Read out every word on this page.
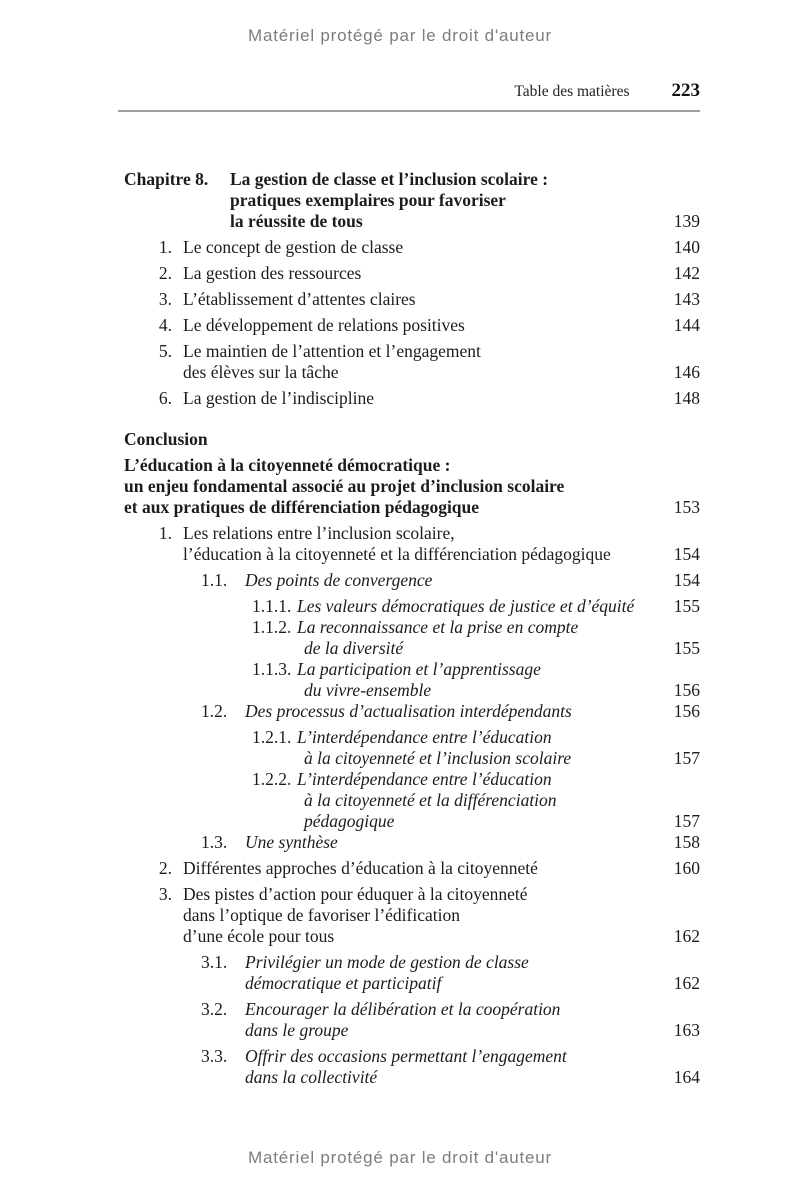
Matériel protégé par le droit d'auteur
Table des matières 223
Chapitre 8. La gestion de classe et l’inclusion scolaire :
pratiques exemplaires pour favoriser
la réussite de tous	139
1. Le concept de gestion de classe	140
2. La gestion des ressources	142
3. L’établissement d’attentes claires	143
4. Le développement de relations positives	144
5. Le maintien de l’attention et l’engagement
des élèves sur la tâche	146
6. La gestion de l’indiscipline	148
Conclusion
L’éducation à la citoyenneté démocratique :
un enjeu fondamental associé au projet d’inclusion scolaire
et aux pratiques de différenciation pédagogique	153
1. Les relations entre l’inclusion scolaire,
l’éducation à la citoyenneté et la différenciation pédagogique	154
1.1. Des points de convergence	154
1.1.1. Les valeurs démocratiques de justice et d’équité	155
1.1.2. La reconnaissance et la prise en compte
de la diversité	155
1.1.3. La participation et l’apprentissage
du vivre-ensemble	156
1.2. Des processus d’actualisation interdépendants	156
1.2.1. L’interdépendance entre l’éducation
à la citoyenneté et l’inclusion scolaire	157
1.2.2. L’interdépendance entre l’éducation
à la citoyenneté et la différenciation
pédagogique	157
1.3. Une synthèse	158
2. Différentes approches d’éducation à la citoyenneté	160
3. Des pistes d’action pour éduquer à la citoyenneté
dans l’optique de favoriser l’édification
d’une école pour tous	162
3.1. Privilégier un mode de gestion de classe
démocratique et participatif	162
3.2. Encourager la délibération et la coopération
dans le groupe	163
3.3. Offrir des occasions permettant l’engagement
dans la collectivité	164
Matériel protégé par le droit d'auteur
